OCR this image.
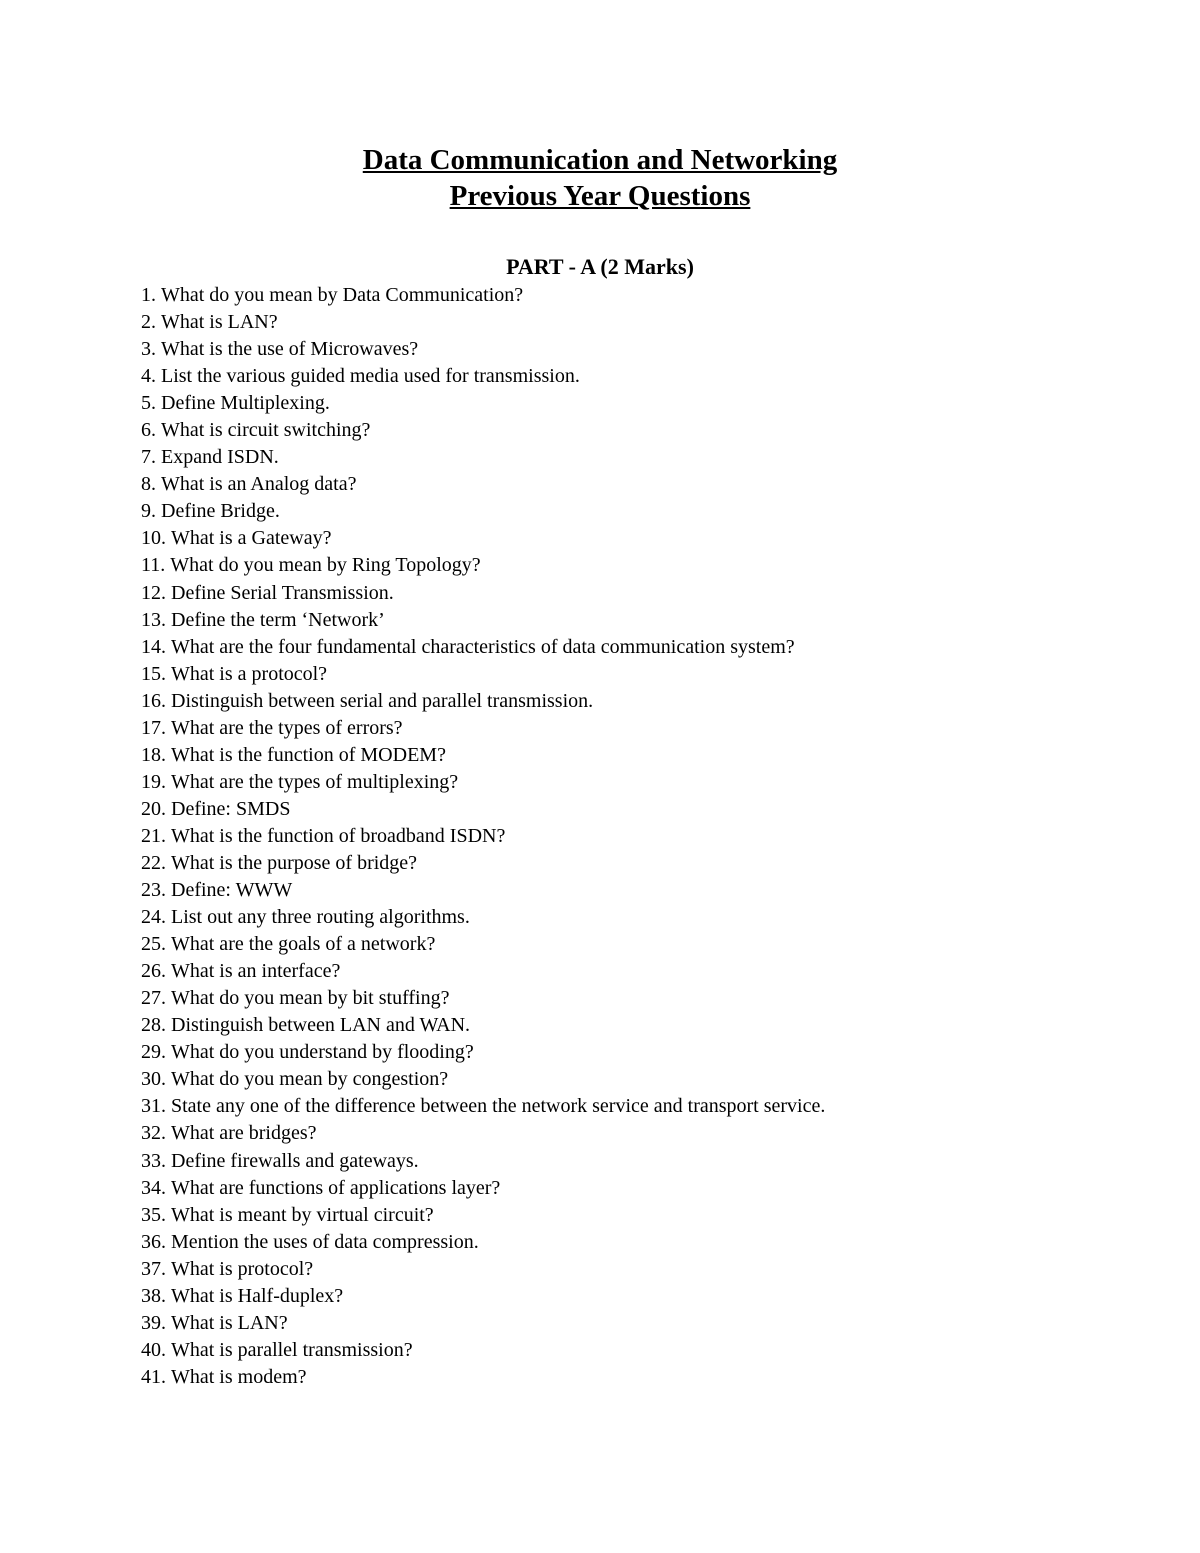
Data Communication and Networking
Previous Year Questions
PART - A (2 Marks)
1. What do you mean by Data Communication?
2. What is LAN?
3. What is the use of Microwaves?
4. List the various guided media used for transmission.
5. Define Multiplexing.
6. What is circuit switching?
7. Expand ISDN.
8. What is an Analog data?
9. Define Bridge.
10. What is a Gateway?
11. What do you mean by Ring Topology?
12. Define Serial Transmission.
13. Define the term ‘Network’
14. What are the four fundamental characteristics of data communication system?
15. What is a protocol?
16. Distinguish between serial and parallel transmission.
17. What are the types of errors?
18. What is the function of MODEM?
19. What are the types of multiplexing?
20. Define: SMDS
21. What is the function of broadband ISDN?
22. What is the purpose of bridge?
23. Define: WWW
24. List out any three routing algorithms.
25. What are the goals of a network?
26. What is an interface?
27. What do you mean by bit stuffing?
28. Distinguish between LAN and WAN.
29. What do you understand by flooding?
30. What do you mean by congestion?
31. State any one of the difference between the network service and transport service.
32. What are bridges?
33. Define firewalls and gateways.
34. What are functions of applications layer?
35. What is meant by virtual circuit?
36. Mention the uses of data compression.
37. What is protocol?
38. What is Half-duplex?
39. What is LAN?
40. What is parallel transmission?
41. What is modem?
